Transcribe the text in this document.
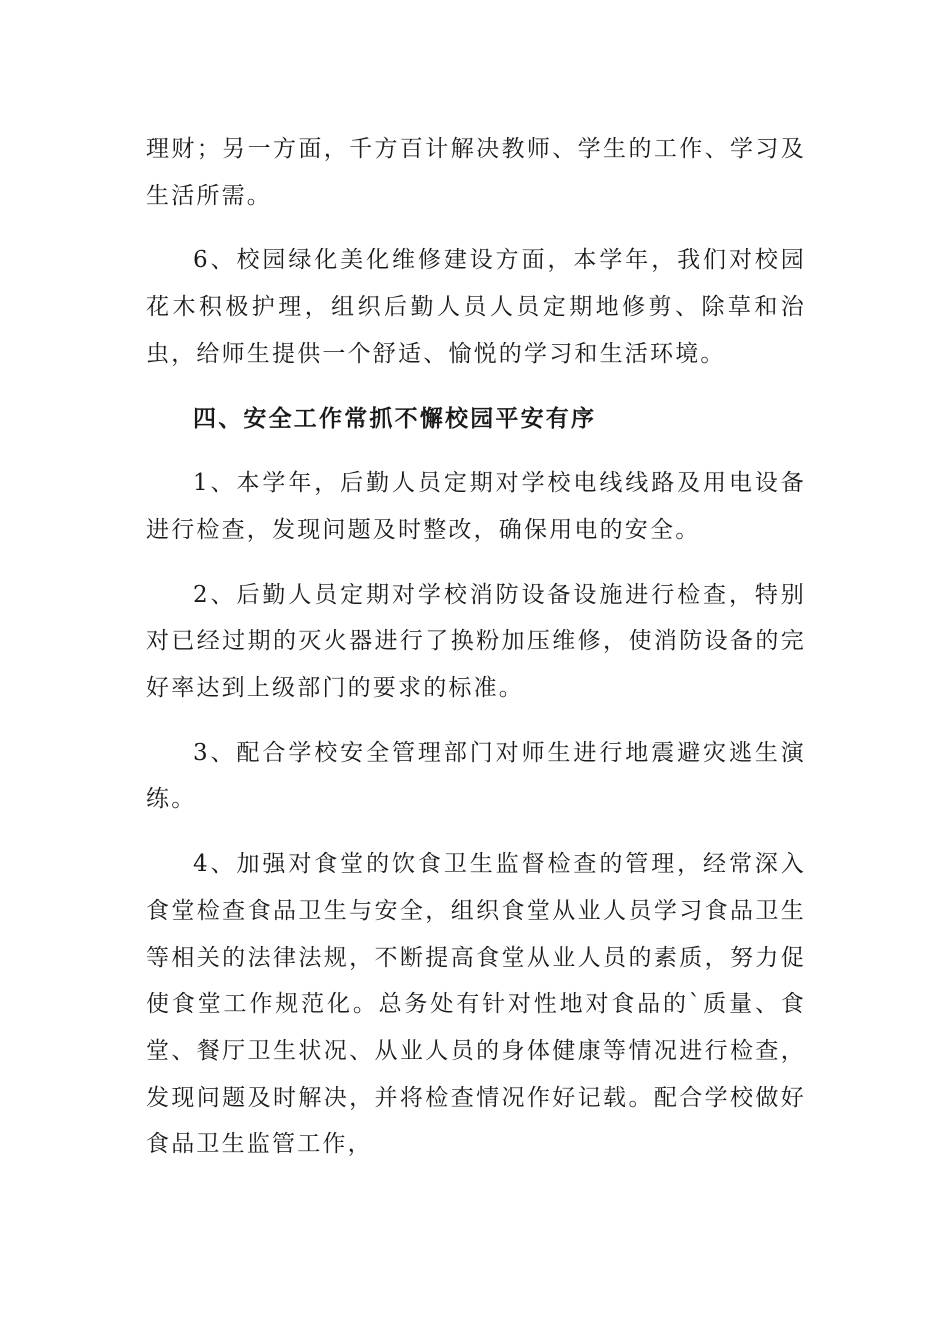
理财；另一方面，千方百计解决教师、学生的工作、学习及生活所需。

6、校园绿化美化维修建设方面，本学年，我们对校园花木积极护理，组织后勤人员人员定期地修剪、除草和治虫，给师生提供一个舒适、愉悦的学习和生活环境。

四、安全工作常抓不懈校园平安有序

1、本学年，后勤人员定期对学校电线线路及用电设备进行检查，发现问题及时整改，确保用电的安全。

2、后勤人员定期对学校消防设备设施进行检查，特别对已经过期的灭火器进行了换粉加压维修，使消防设备的完好率达到上级部门的要求的标准。

3、配合学校安全管理部门对师生进行地震避灾逃生演练。

4、加强对食堂的饮食卫生监督检查的管理，经常深入食堂检查食品卫生与安全，组织食堂从业人员学习食品卫生等相关的法律法规，不断提高食堂从业人员的素质，努力促使食堂工作规范化。总务处有针对性地对食品的`质量、食堂、餐厅卫生状况、从业人员的身体健康等情况进行检查，发现问题及时解决，并将检查情况作好记载。配合学校做好食品卫生监管工作，
